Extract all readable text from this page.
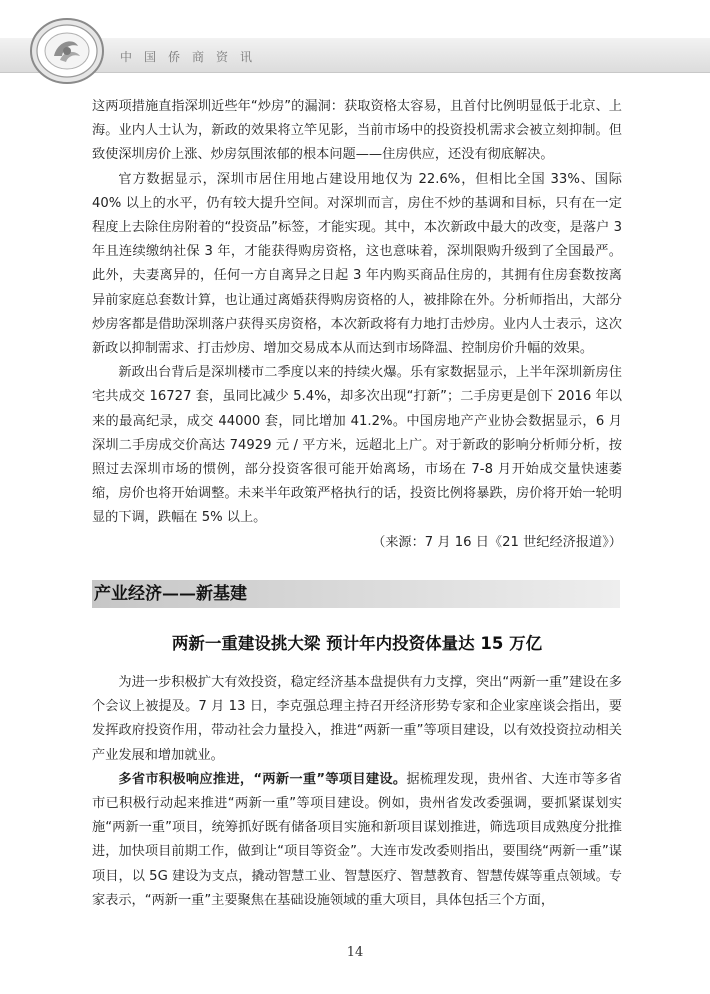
中国侨商资讯

这两项措施直指深圳近些年“炒房”的漏洞：获取资格太容易，且首付比例明显低于北京、上海。业内人士认为，新政的效果将立竿见影，当前市场中的投资投机需求会被立刻抑制。但致使深圳房价上涨、炒房氛围浓郁的根本问题——住房供应，还没有彻底解决。

官方数据显示，深圳市居住用地占建设用地仅为 22.6%，但相比全国 33%、国际 40% 以上的水平，仍有较大提升空间。对深圳而言，房住不炒的基调和目标，只有在一定程度上去除住房附着的“投资品”标签，才能实现。其中，本次新政中最大的改变，是落户 3 年且连续缴纳社保 3 年，才能获得购房资格，这也意味着，深圳限购升级到了全国最严。此外，夫妻离异的，任何一方自离异之日起 3 年内购买商品住房的，其拥有住房套数按离异前家庭总套数计算，也让通过离婚获得购房资格的人，被排除在外。分析师指出，大部分炒房客都是借助深圳落户获得买房资格，本次新政将有力地打击炒房。业内人士表示，这次新政以抑制需求、打击炒房、增加交易成本从而达到市场降温、控制房价升幅的效果。

新政出台背后是深圳楼市二季度以来的持续火爆。乐有家数据显示，上半年深圳新房住宅共成交 16727 套，虽同比减少 5.4%，却多次出现“打新”；二手房更是创下 2016 年以来的最高纪录，成交 44000 套，同比增加 41.2%。中国房地产产业协会数据显示，6 月深圳二手房成交价高达 74929 元 / 平方米，远超北上广。对于新政的影响分析师分析，按照过去深圳市场的惯例，部分投资客很可能开始离场，市场在 7-8 月开始成交量快速萎缩，房价也将开始调整。未来半年政策严格执行的话，投资比例将暴跌，房价将开始一轮明显的下调，跌幅在 5% 以上。

（来源：7 月 16 日《21 世纪经济报道》）
产业经济——新基建
两新一重建设挑大梁 预计年内投资体量达 15 万亿

为进一步积极扩大有效投资，稳定经济基本盘提供有力支撑，突出“两新一重”建设在多个会议上被提及。7 月 13 日，李克强总理主持召开经济形势专家和企业家座谈会指出，要发挥政府投资作用，带动社会力量投入，推进“两新一重”等项目建设，以有效投资拉动相关产业发展和增加就业。

多省市积极响应推进，“两新一重”等项目建设。据梳理发现，贵州省、大连市等多省市已积极行动起来推进“两新一重”等项目建设。例如，贵州省发改委强调，要抓紧谋划实施“两新一重”项目，统筹抓好既有储备项目实施和新项目谋划推进，筛选项目成熟度分批推进，加快项目前期工作，做到让“项目等资金”。大连市发改委则指出，要围绕“两新一重”谋项目，以 5G 建设为支点，撬动智慧工业、智慧医疗、智慧教育、智慧传媒等重点领域。专家表示，“两新一重”主要聚焦在基础设施领域的重大项目，具体包括三个方面，

14
